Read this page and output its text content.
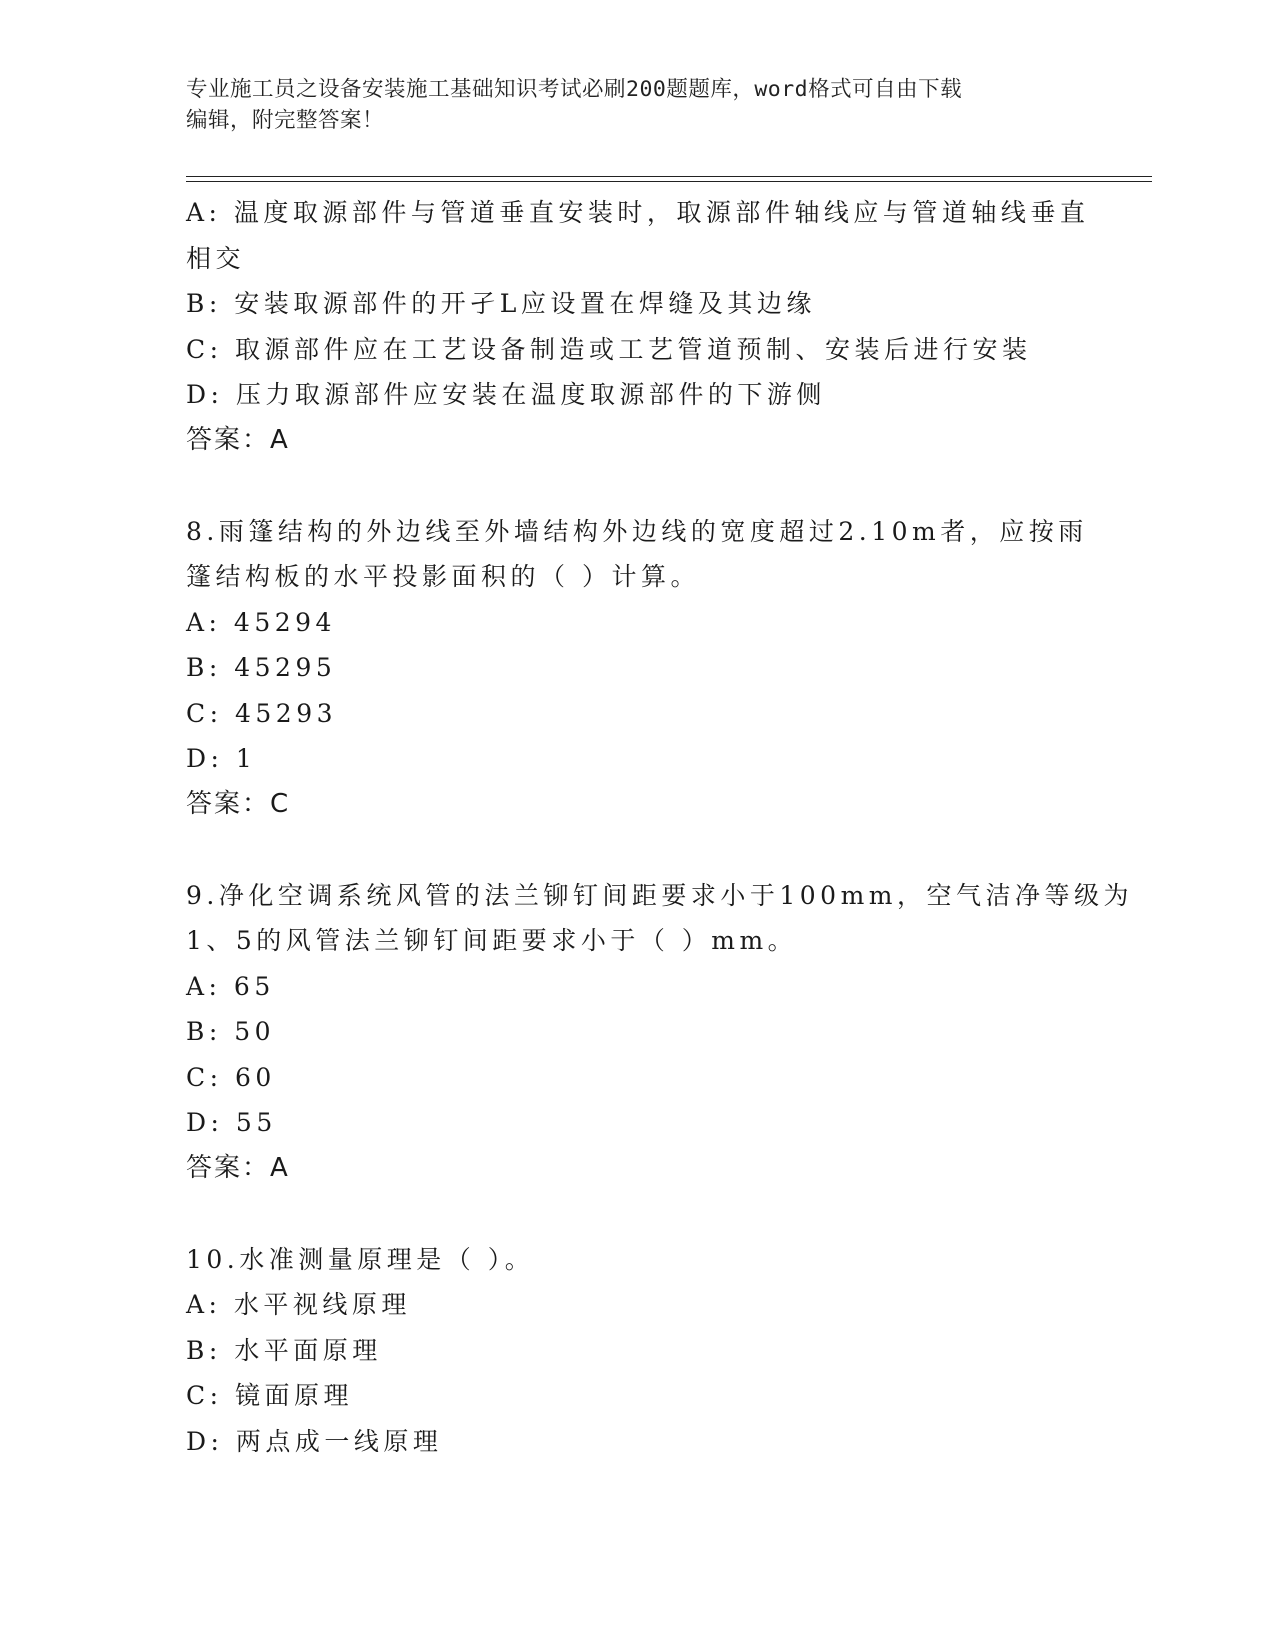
专业施工员之设备安装施工基础知识考试必刷200题题库，word格式可自由下载
编辑，附完整答案！
A: 温度取源部件与管道垂直安装时，取源部件轴线应与管道轴线垂直
相交
B: 安装取源部件的开孑L应设置在焊缝及其边缘
C: 取源部件应在工艺设备制造或工艺管道预制、安装后进行安装
D: 压力取源部件应安装在温度取源部件的下游侧
答案：A
8.雨篷结构的外边线至外墙结构外边线的宽度超过2.10m者，应按雨
篷结构板的水平投影面积的（ ）计算。
A: 45294
B: 45295
C: 45293
D: 1
答案：C
9.净化空调系统风管的法兰铆钉间距要求小于100mm，空气洁净等级为
1、5的风管法兰铆钉间距要求小于（ ）mm。
A: 65
B: 50
C: 60
D: 55
答案：A
10.水准测量原理是（ ）。
A: 水平视线原理
B: 水平面原理
C: 镜面原理
D: 两点成一线原理
